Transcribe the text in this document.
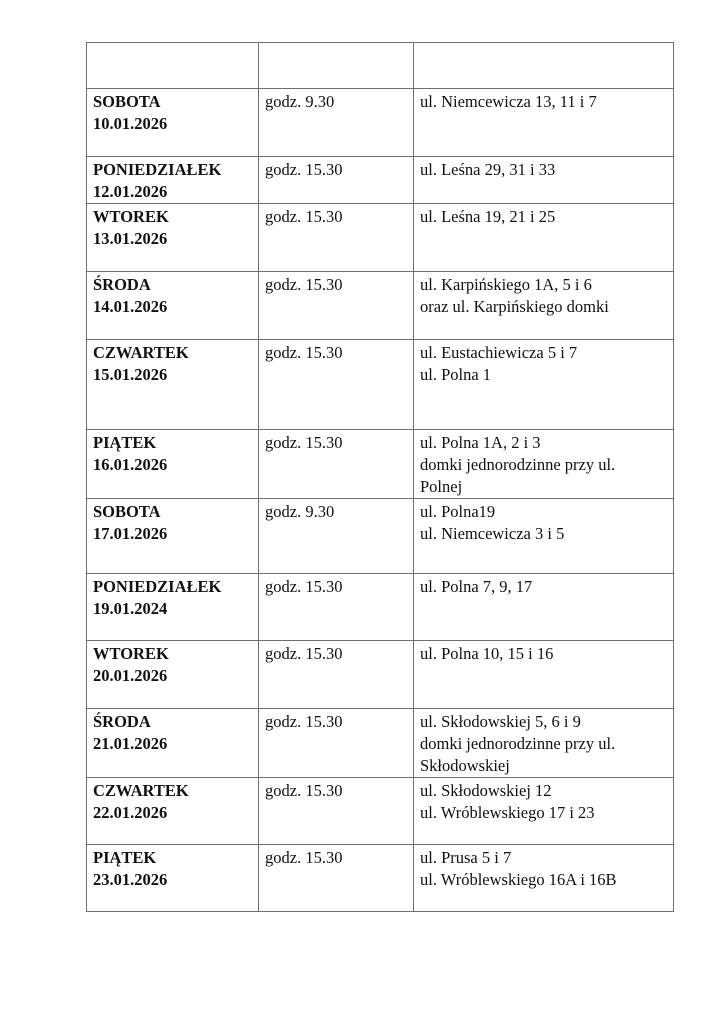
SOBOTA
10.01.2026	godz. 9.30	ul. Niemcewicza 13, 11 i 7

PONIEDZIAŁEK
12.01.2026	godz. 15.30	ul. Leśna 29, 31 i 33

WTOREK
13.01.2026	godz. 15.30	ul. Leśna 19, 21 i 25

ŚRODA
14.01.2026	godz. 15.30	ul. Karpińskiego 1A, 5 i 6
oraz ul. Karpińskiego domki

CZWARTEK
15.01.2026	godz. 15.30	ul. Eustachiewicza 5 i 7
ul. Polna 1

PIĄTEK
16.01.2026	godz. 15.30	ul. Polna 1A, 2 i 3
domki jednorodzinne przy ul.
Polnej

SOBOTA
17.01.2026	godz. 9.30	ul. Polna19
ul. Niemcewicza 3 i 5

PONIEDZIAŁEK
19.01.2024	godz. 15.30	ul. Polna 7, 9, 17

WTOREK
20.01.2026	godz. 15.30	ul. Polna 10, 15 i 16

ŚRODA
21.01.2026	godz. 15.30	ul. Skłodowskiej 5, 6 i 9
domki jednorodzinne przy ul.
Skłodowskiej

CZWARTEK
22.01.2026	godz. 15.30	ul. Skłodowskiej 12
ul. Wróblewskiego 17 i 23

PIĄTEK
23.01.2026	godz. 15.30	ul. Prusa 5 i 7
ul. Wróblewskiego 16A i 16B
